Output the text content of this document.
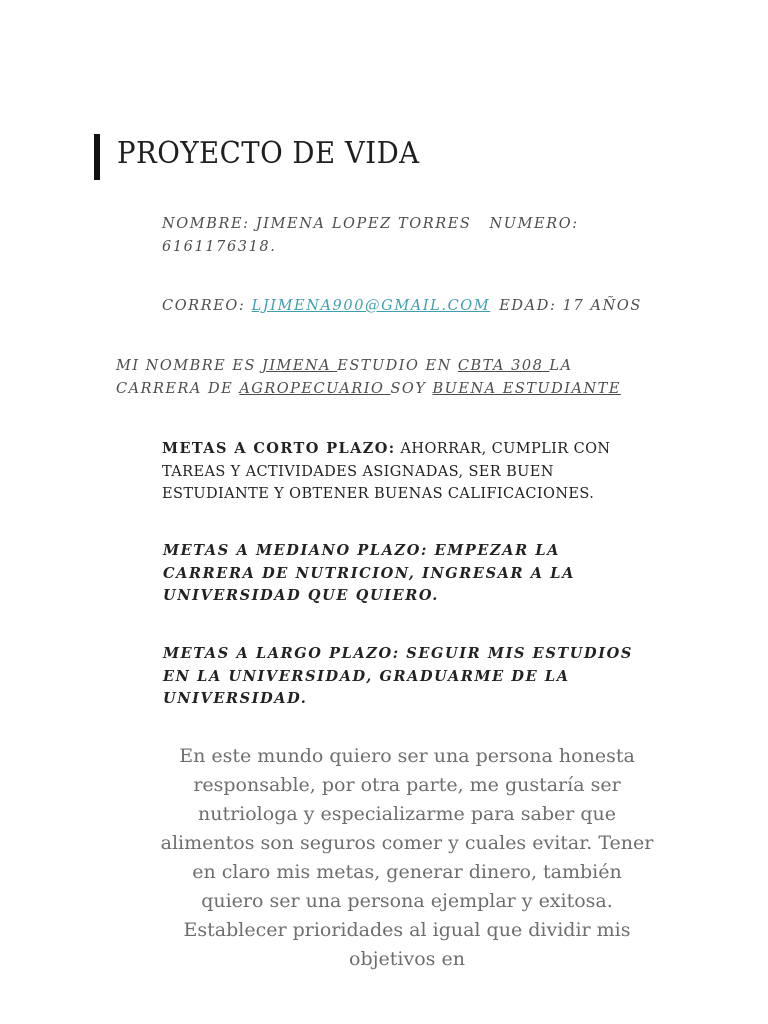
PROYECTO DE VIDA
NOMBRE: JIMENA LOPEZ TORRES NUMERO:
6161176318.
CORREO: LJIMENA900@GMAIL.COM EDAD: 17 AÑOS
MI NOMBRE ES JIMENA ESTUDIO EN CBTA 308 LA CARRERA DE AGROPECUARIO SOY BUENA ESTUDIANTE
METAS A CORTO PLAZO: AHORRAR, CUMPLIR CON TAREAS Y ACTIVIDADES ASIGNADAS, SER BUEN ESTUDIANTE Y OBTENER BUENAS CALIFICACIONES.
METAS A MEDIANO PLAZO: EMPEZAR LA CARRERA DE NUTRICION, INGRESAR A LA UNIVERSIDAD QUE QUIERO.
METAS A LARGO PLAZO: SEGUIR MIS ESTUDIOS EN LA UNIVERSIDAD, GRADUARME DE LA UNIVERSIDAD.
En este mundo quiero ser una persona honesta responsable, por otra parte, me gustaría ser nutriologa y especializarme para saber que alimentos son seguros comer y cuales evitar. Tener en claro mis metas, generar dinero, también quiero ser una persona ejemplar y exitosa. Establecer prioridades al igual que dividir mis objetivos en
